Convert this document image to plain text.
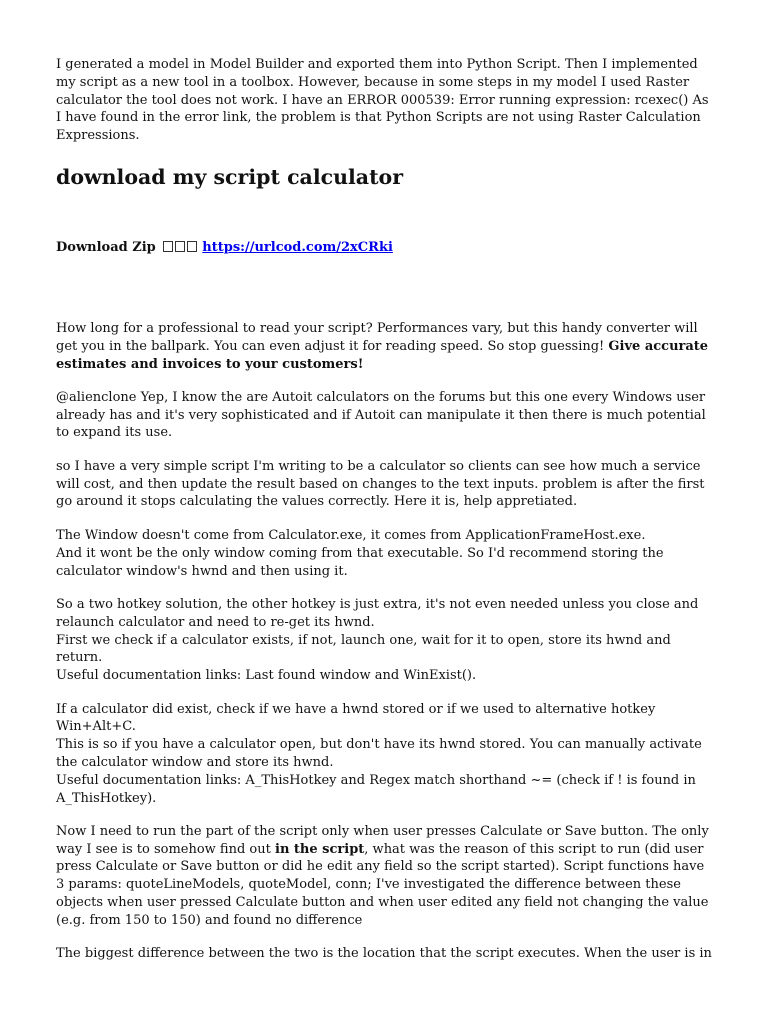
I generated a model in Model Builder and exported them into Python Script. Then I implemented my script as a new tool in a toolbox. However, because in some steps in my model I used Raster calculator the tool does not work. I have an ERROR 000539: Error running expression: rcexec() As I have found in the error link, the problem is that Python Scripts are not using Raster Calculation Expressions.

download my script calculator
Download Zip	https://urlcod.com/2xCRki

How long for a professional to read your script? Performances vary, but this handy converter will get you in the ballpark. You can even adjust it for reading speed. So stop guessing! Give accurate estimates and invoices to your customers!

@alienclone Yep, I know the are Autoit calculators on the forums but this one every Windows user already has and it's very sophisticated and if Autoit can manipulate it then there is much potential to expand its use.

so I have a very simple script I'm writing to be a calculator so clients can see how much a service will cost, and then update the result based on changes to the text inputs. problem is after the first go around it stops calculating the values correctly. Here it is, help appretiated.

The Window doesn't come from Calculator.exe, it comes from ApplicationFrameHost.exe.
And it wont be the only window coming from that executable. So I'd recommend storing the calculator window's hwnd and then using it.

So a two hotkey solution, the other hotkey is just extra, it's not even needed unless you close and relaunch calculator and need to re-get its hwnd.
First we check if a calculator exists, if not, launch one, wait for it to open, store its hwnd and return.
Useful documentation links: Last found window and WinExist().

If a calculator did exist, check if we have a hwnd stored or if we used to alternative hotkey Win+Alt+C.
This is so if you have a calculator open, but don't have its hwnd stored. You can manually activate the calculator window and store its hwnd.
Useful documentation links: A_ThisHotkey and Regex match shorthand ~= (check if ! is found in A_ThisHotkey).

Now I need to run the part of the script only when user presses Calculate or Save button. The only way I see is to somehow find out in the script, what was the reason of this script to run (did user press Calculate or Save button or did he edit any field so the script started). Script functions have 3 params: quoteLineModels, quoteModel, conn; I've investigated the difference between these objects when user pressed Calculate button and when user edited any field not changing the value (e.g. from 150 to 150) and found no difference

The biggest difference between the two is the location that the script executes. When the user is in
